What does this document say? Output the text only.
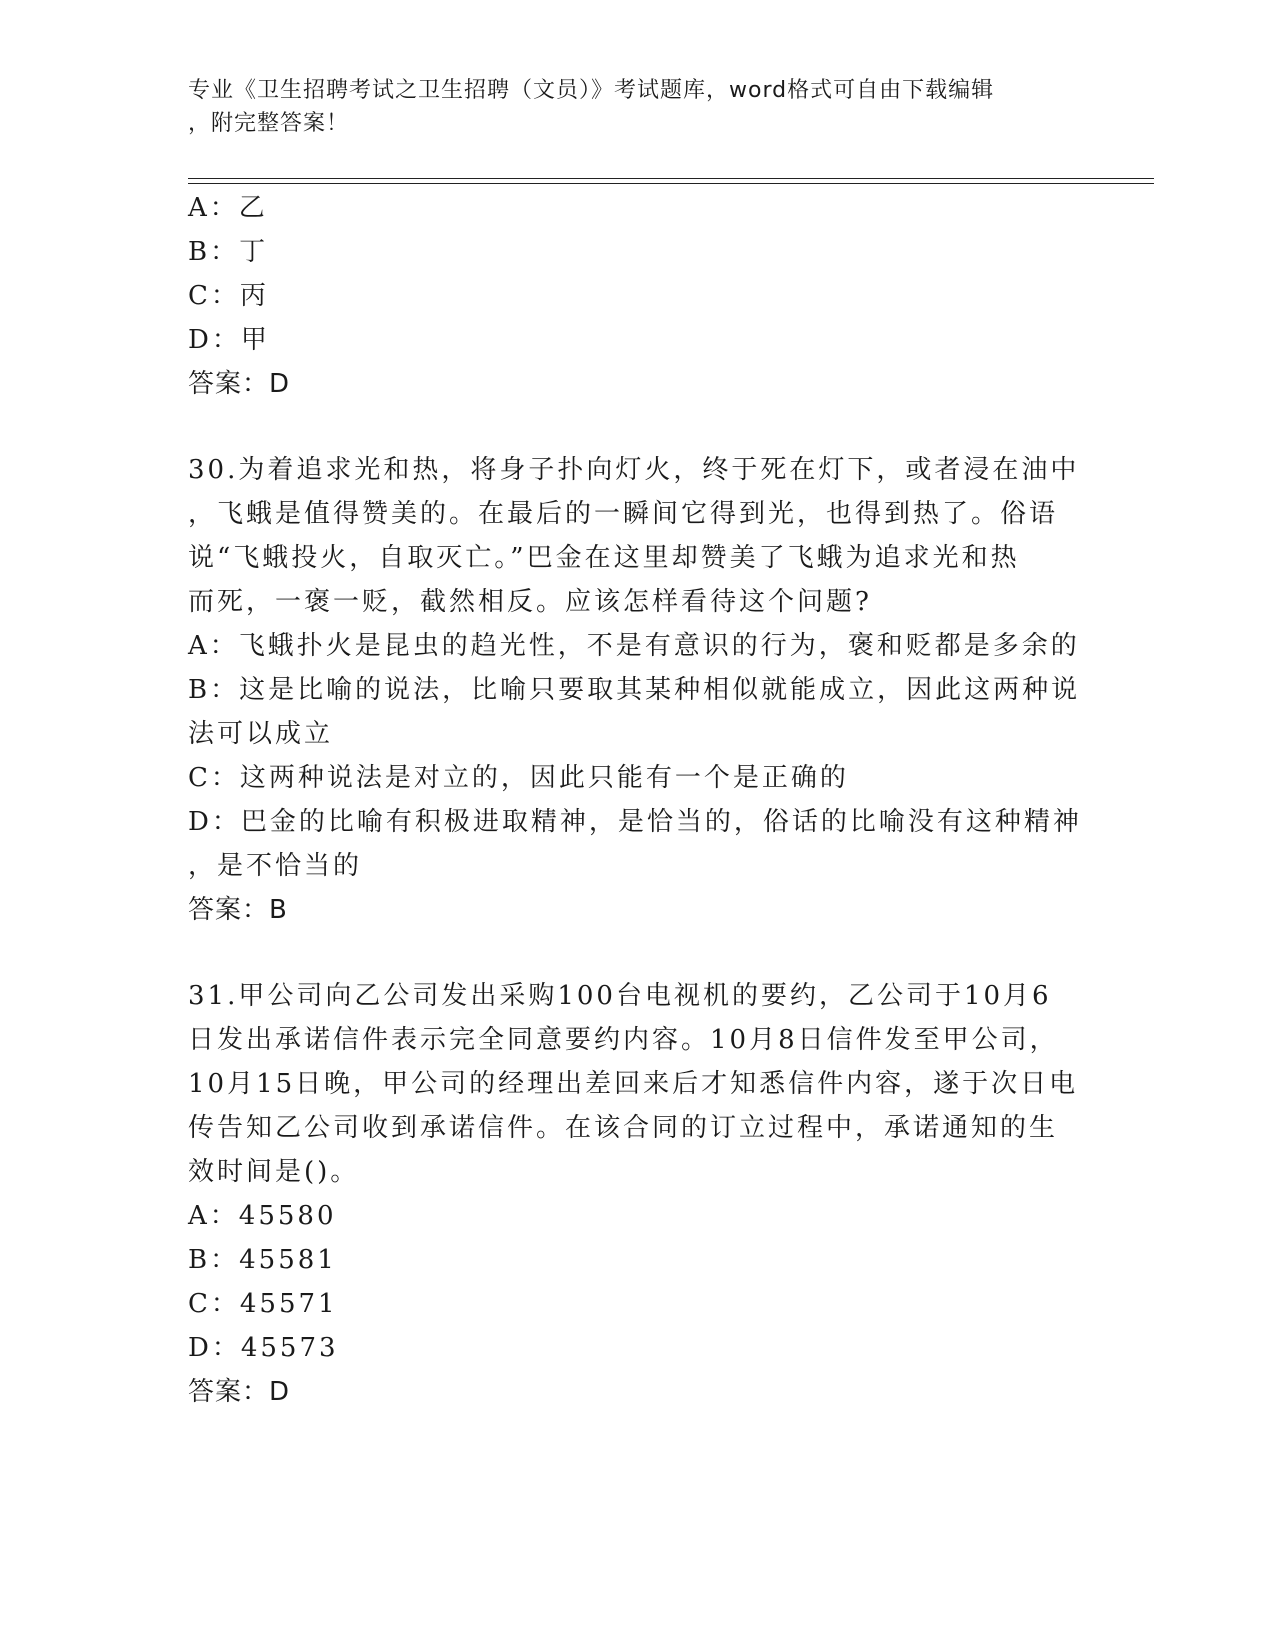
专业《卫生招聘考试之卫生招聘（文员）》考试题库，word格式可自由下载编辑
，附完整答案！
A：乙
B：丁
C：丙
D：甲
答案：D
30.为着追求光和热，将身子扑向灯火，终于死在灯下，或者浸在油中
，飞蛾是值得赞美的。在最后的一瞬间它得到光，也得到热了。俗语
说“飞蛾投火，自取灭亡。”巴金在这里却赞美了飞蛾为追求光和热
而死，一褒一贬，截然相反。应该怎样看待这个问题?
A：飞蛾扑火是昆虫的趋光性，不是有意识的行为，褒和贬都是多余的
B：这是比喻的说法，比喻只要取其某种相似就能成立，因此这两种说
法可以成立
C：这两种说法是对立的，因此只能有一个是正确的
D：巴金的比喻有积极进取精神，是恰当的，俗话的比喻没有这种精神
，是不恰当的
答案：B
31.甲公司向乙公司发出采购100台电视机的要约，乙公司于10月6
日发出承诺信件表示完全同意要约内容。10月8日信件发至甲公司，
10月15日晚，甲公司的经理出差回来后才知悉信件内容，遂于次日电
传告知乙公司收到承诺信件。在该合同的订立过程中，承诺通知的生
效时间是()。
A：45580
B：45581
C：45571
D：45573
答案：D
